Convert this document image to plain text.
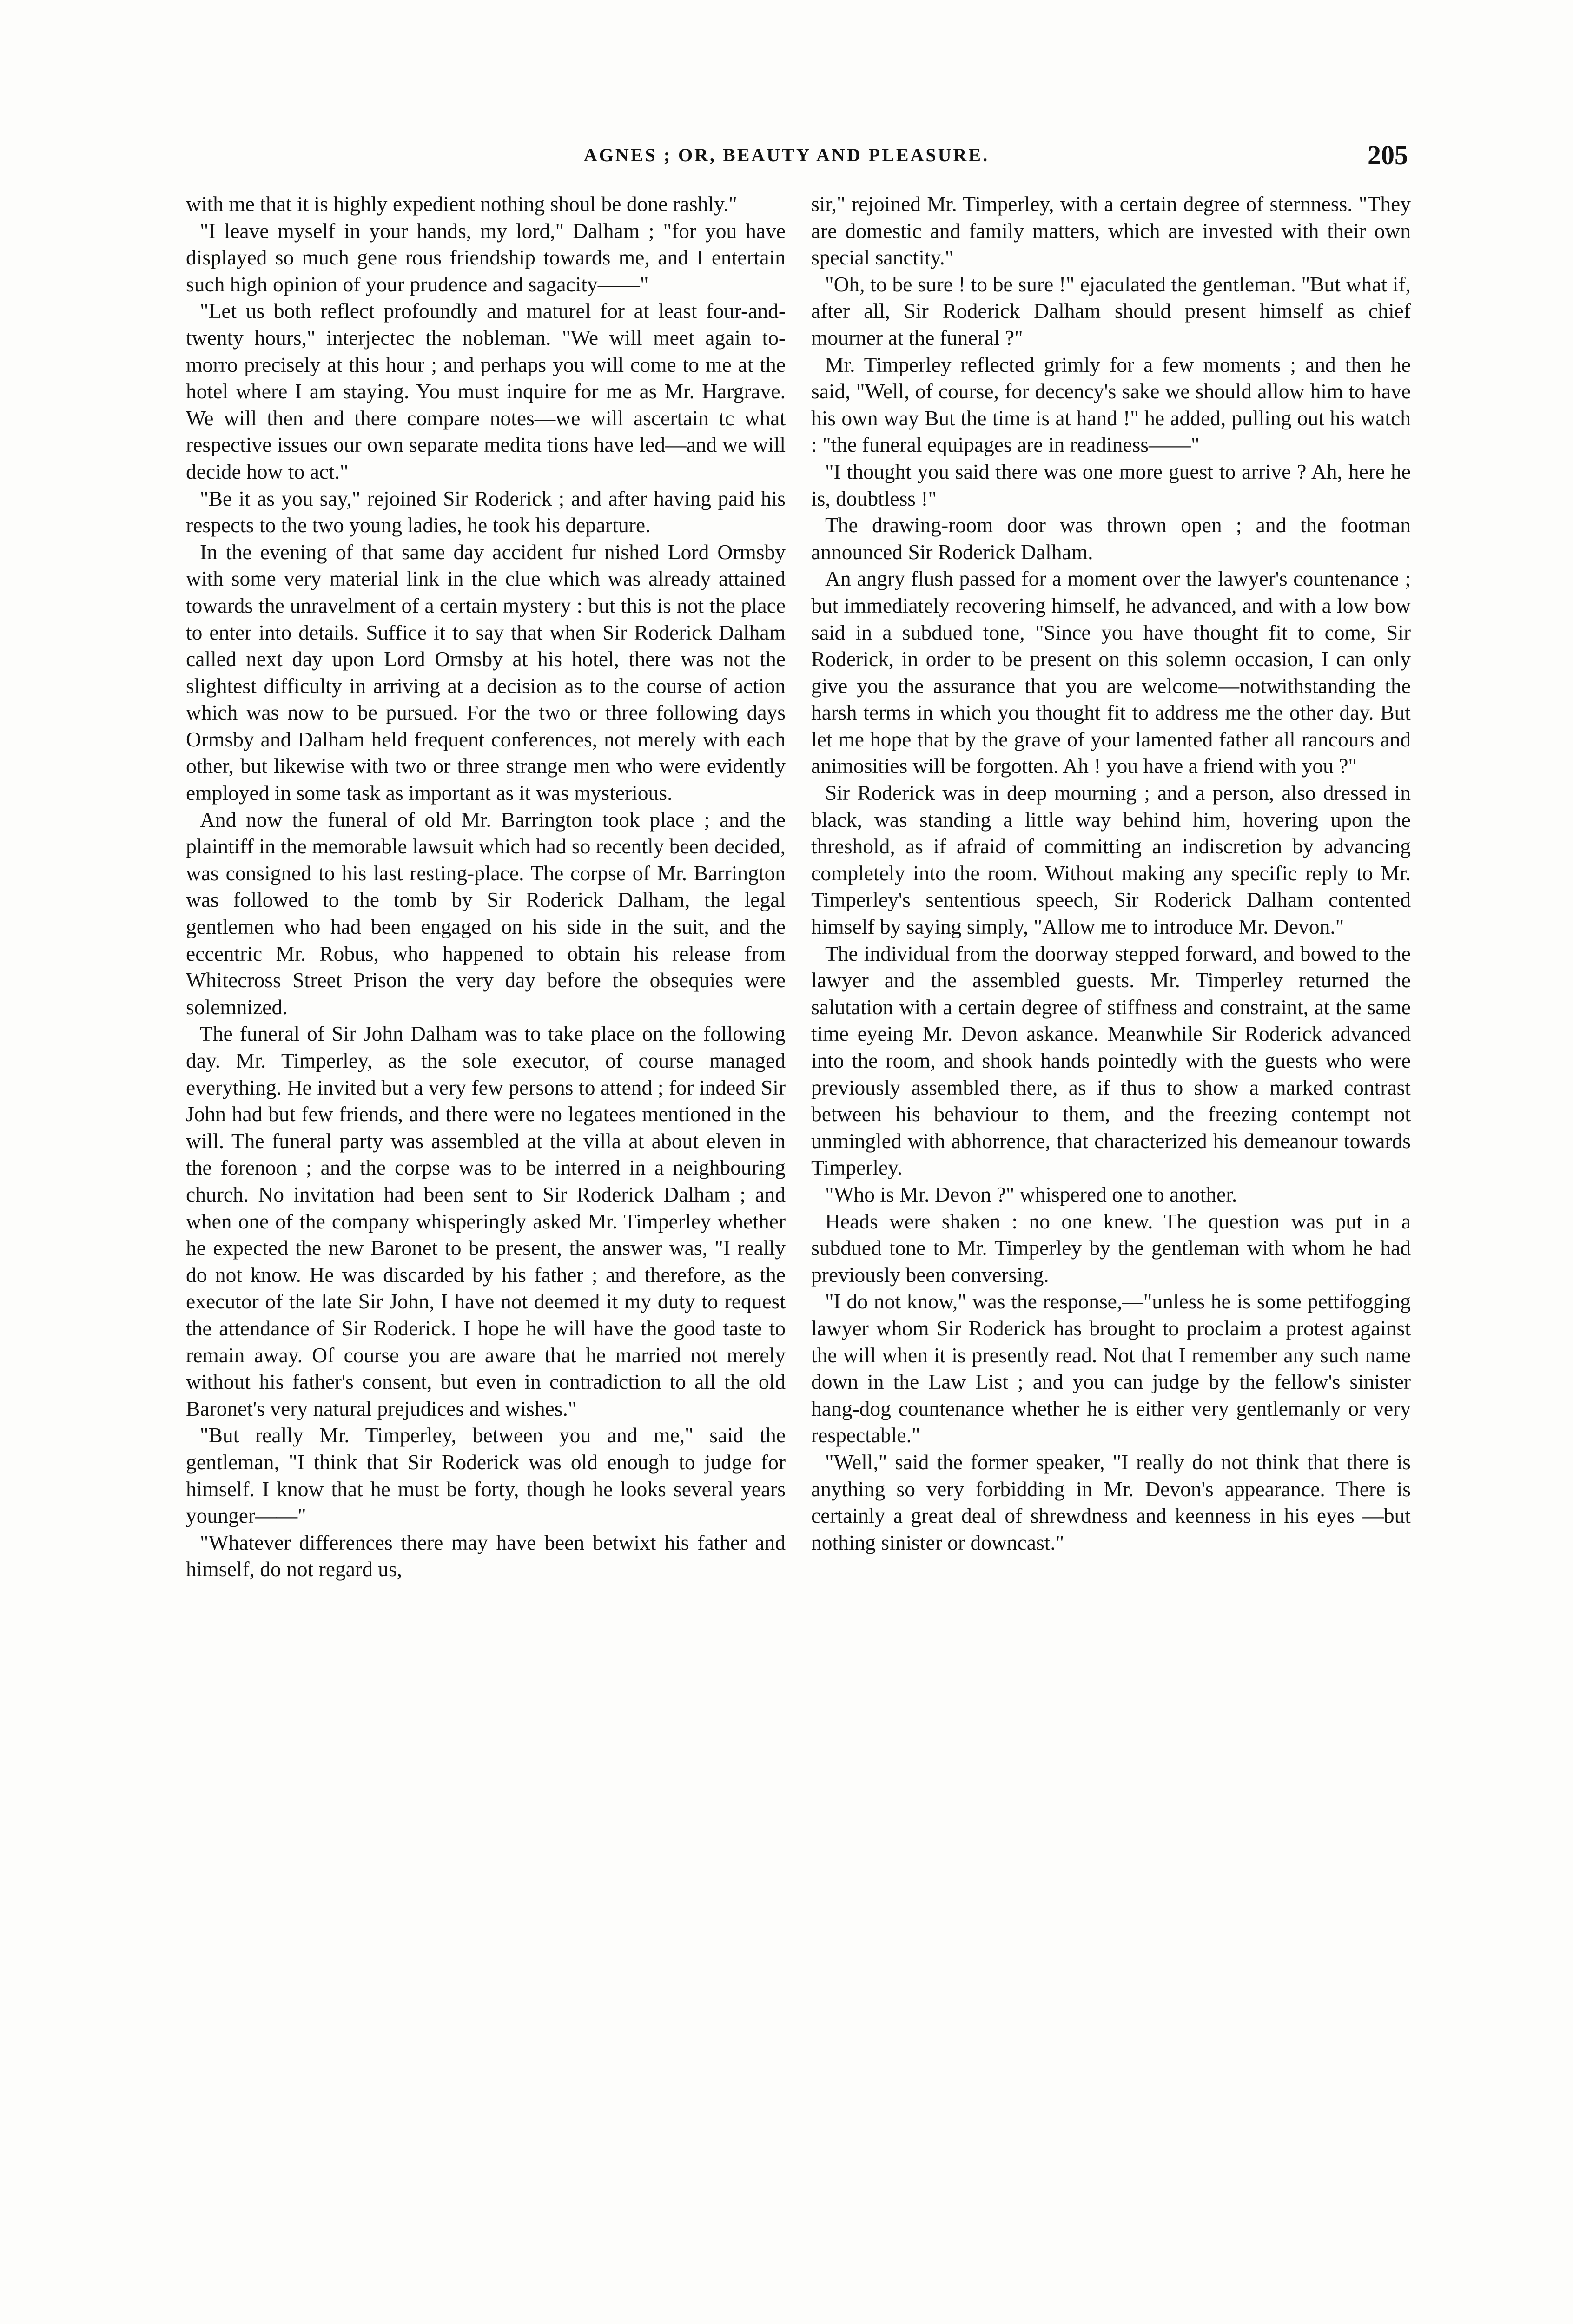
AGNES ; OR, BEAUTY AND PLEASURE.	205

with me that it is highly expedient nothing shoul be done rashly."

"I leave myself in your hands, my lord," Dalham ; "for you have displayed so much gene rous friendship towards me, and I entertain such high opinion of your prudence and sagacity——"

"Let us both reflect profoundly and maturel for at least four-and-twenty hours," interjectec the nobleman. "We will meet again to-morro precisely at this hour ; and perhaps you will come to me at the hotel where I am staying. You must inquire for me as Mr. Hargrave. We will then and there compare notes—we will ascertain tc what respective issues our own separate medita tions have led—and we will decide how to act."

"Be it as you say," rejoined Sir Roderick ; and after having paid his respects to the two young ladies, he took his departure.

In the evening of that same day accident fur nished Lord Ormsby with some very material link in the clue which was already attained towards the unravelment of a certain mystery : but this is not the place to enter into details. Suffice it to say that when Sir Roderick Dalham called next day upon Lord Ormsby at his hotel, there was not the slightest difficulty in arriving at a decision as to the course of action which was now to be pursued. For the two or three following days Ormsby and Dalham held frequent conferences, not merely with each other, but likewise with two or three strange men who were evidently employed in some task as important as it was mysterious.

And now the funeral of old Mr. Barrington took place ; and the plaintiff in the memorable lawsuit which had so recently been decided, was consigned to his last resting-place. The corpse of Mr. Barrington was followed to the tomb by Sir Roderick Dalham, the legal gentlemen who had been engaged on his side in the suit, and the eccentric Mr. Robus, who happened to obtain his release from Whitecross Street Prison the very day before the obsequies were solemnized.

The funeral of Sir John Dalham was to take place on the following day. Mr. Timperley, as the sole executor, of course managed everything. He invited but a very few persons to attend ; for indeed Sir John had but few friends, and there were no legatees mentioned in the will. The funeral party was assembled at the villa at about eleven in the forenoon ; and the corpse was to be interred in a neighbouring church. No invitation had been sent to Sir Roderick Dalham ; and when one of the company whisperingly asked Mr. Timperley whether he expected the new Baronet to be present, the answer was, "I really do not know. He was discarded by his father ; and therefore, as the executor of the late Sir John, I have not deemed it my duty to request the attendance of Sir Roderick. I hope he will have the good taste to remain away. Of course you are aware that he married not merely without his father's consent, but even in contradiction to all the old Baronet's very natural prejudices and wishes."

"But really Mr. Timperley, between you and me," said the gentleman, "I think that Sir Roderick was old enough to judge for himself. I know that he must be forty, though he looks several years younger——"

"Whatever differences there may have been betwixt his father and himself, do not regard us,

sir," rejoined Mr. Timperley, with a certain degree of sternness. "They are domestic and family matters, which are invested with their own special sanctity."

"Oh, to be sure ! to be sure !" ejaculated the gentleman. "But what if, after all, Sir Roderick Dalham should present himself as chief mourner at the funeral ?"

Mr. Timperley reflected grimly for a few moments ; and then he said, "Well, of course, for decency's sake we should allow him to have his own way But the time is at hand !" he added, pulling out his watch : "the funeral equipages are in readiness——"

"I thought you said there was one more guest to arrive ? Ah, here he is, doubtless !"

The drawing-room door was thrown open ; and the footman announced Sir Roderick Dalham.

An angry flush passed for a moment over the lawyer's countenance ; but immediately recovering himself, he advanced, and with a low bow said in a subdued tone, "Since you have thought fit to come, Sir Roderick, in order to be present on this solemn occasion, I can only give you the assurance that you are welcome—notwithstanding the harsh terms in which you thought fit to address me the other day. But let me hope that by the grave of your lamented father all rancours and animosities will be forgotten. Ah ! you have a friend with you ?"

Sir Roderick was in deep mourning ; and a person, also dressed in black, was standing a little way behind him, hovering upon the threshold, as if afraid of committing an indiscretion by advancing completely into the room. Without making any specific reply to Mr. Timperley's sententious speech, Sir Roderick Dalham contented himself by saying simply, "Allow me to introduce Mr. Devon."

The individual from the doorway stepped forward, and bowed to the lawyer and the assembled guests. Mr. Timperley returned the salutation with a certain degree of stiffness and constraint, at the same time eyeing Mr. Devon askance. Meanwhile Sir Roderick advanced into the room, and shook hands pointedly with the guests who were previously assembled there, as if thus to show a marked contrast between his behaviour to them, and the freezing contempt not unmingled with abhorrence, that characterized his demeanour towards Timperley.

"Who is Mr. Devon ?" whispered one to another.

Heads were shaken : no one knew. The question was put in a subdued tone to Mr. Timperley by the gentleman with whom he had previously been conversing.

"I do not know," was the response,—"unless he is some pettifogging lawyer whom Sir Roderick has brought to proclaim a protest against the will when it is presently read. Not that I remember any such name down in the Law List ; and you can judge by the fellow's sinister hang-dog countenance whether he is either very gentlemanly or very respectable."

"Well," said the former speaker, "I really do not think that there is anything so very forbidding in Mr. Devon's appearance. There is certainly a great deal of shrewdness and keenness in his eyes —but nothing sinister or downcast."
